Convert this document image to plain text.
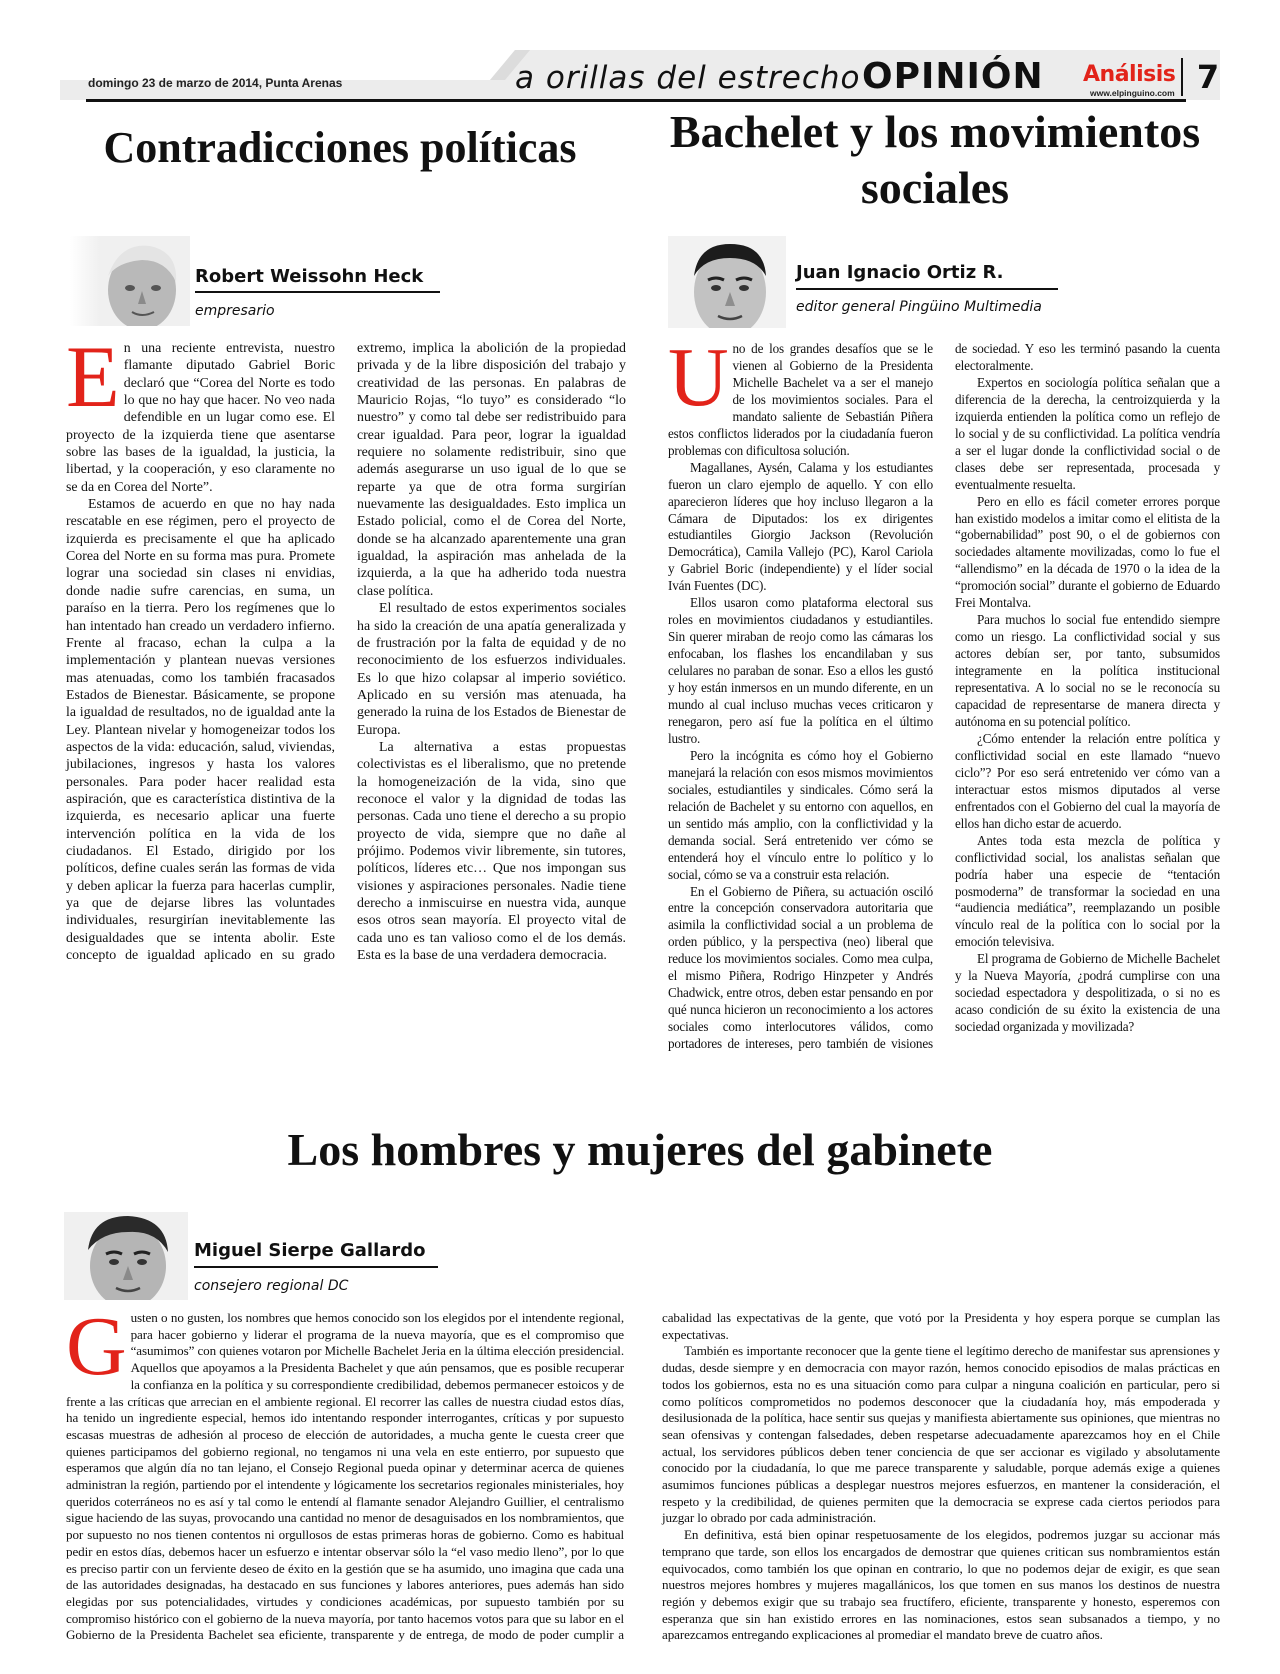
domingo 23 de marzo de 2014, Punta Arenas	a orillas del estrecho OPINIÓN Análisis
www.elpinguino.com 7
Contradicciones políticas
Robert Weissohn Heck
empresario

En una reciente entrevista, nuestro flamante diputado Gabriel Boric declaró que “Corea del Norte es todo lo que no hay que hacer. No veo nada defendible en un lugar como ese. El proyecto de la izquierda tiene que asentarse sobre las bases de la igualdad, la justicia, la libertad, y la cooperación, y eso claramente no se da en Corea del Norte”.

Estamos de acuerdo en que no hay nada rescatable en ese régimen, pero el proyecto de izquierda es precisamente el que ha aplicado Corea del Norte en su forma mas pura. Promete lograr una sociedad sin clases ni envidias, donde nadie sufre carencias, en suma, un paraíso en la tierra. Pero los regímenes que lo han intentado han creado un verdadero infierno. Frente al fracaso, echan la culpa a la implementación y plantean nuevas versiones mas atenuadas, como los también fracasados Estados de Bienestar. Básicamente, se propone la igualdad de resultados, no de igualdad ante la Ley. Plantean nivelar y homogeneizar todos los aspectos de la vida: educación, salud, viviendas, jubilaciones, ingresos y hasta los valores personales. Para poder hacer realidad esta aspiración, que es característica distintiva de la izquierda, es necesario aplicar una fuerte intervención política en la vida de los ciudadanos. El Estado, dirigido por los políticos, define cuales serán las formas de vida y deben aplicar la fuerza para hacerlas cumplir, ya que de dejarse libres las voluntades individuales, resurgirían inevitablemente las desigualdades que se intenta abolir. Este concepto de igualdad aplicado en su grado extremo, implica la abolición de la propiedad privada y de la libre disposición del trabajo y creatividad de las personas. En palabras de Mauricio Rojas, “lo tuyo” es considerado “lo nuestro” y como tal debe ser redistribuido para crear igualdad. Para peor, lograr la igualdad requiere no solamente redistribuir, sino que además asegurarse un uso igual de lo que se reparte ya que de otra forma surgirían nuevamente las desigualdades. Esto implica un Estado policial, como el de Corea del Norte, donde se ha alcanzado aparentemente una gran igualdad, la aspiración mas anhelada de la izquierda, a la que ha adherido toda nuestra clase política.

El resultado de estos experimentos sociales ha sido la creación de una apatía generalizada y de frustración por la falta de equidad y de no reconocimiento de los esfuerzos individuales. Es lo que hizo colapsar al imperio soviético. Aplicado en su versión mas atenuada, ha generado la ruina de los Estados de Bienestar de Europa.

La alternativa a estas propuestas colectivistas es el liberalismo, que no pretende la homogeneización de la vida, sino que reconoce el valor y la dignidad de todas las personas. Cada uno tiene el derecho a su propio proyecto de vida, siempre que no dañe al prójimo. Podemos vivir libremente, sin tutores, políticos, líderes etc… Que nos impongan sus visiones y aspiraciones personales. Nadie tiene derecho a inmiscuirse en nuestra vida, aunque esos otros sean mayoría. El proyecto vital de cada uno es tan valioso como el de los demás. Esta es la base de una verdadera democracia.

Bachelet y los movimientos sociales
Juan Ignacio Ortiz R.
editor general Pingüino Multimedia

Uno de los grandes desafíos que se le vienen al Gobierno de la Presidenta Michelle Bachelet va a ser el manejo de los movimientos sociales. Para el mandato saliente de Sebastián Piñera estos conflictos liderados por la ciudadanía fueron problemas con dificultosa solución.

Magallanes, Aysén, Calama y los estudiantes fueron un claro ejemplo de aquello. Y con ello aparecieron líderes que hoy incluso llegaron a la Cámara de Diputados: los ex dirigentes estudiantiles Giorgio Jackson (Revolución Democrática), Camila Vallejo (PC), Karol Cariola y Gabriel Boric (independiente) y el líder social Iván Fuentes (DC).

Ellos usaron como plataforma electoral sus roles en movimientos ciudadanos y estudiantiles. Sin querer miraban de reojo como las cámaras los enfocaban, los flashes los encandilaban y sus celulares no paraban de sonar. Eso a ellos les gustó y hoy están inmersos en un mundo diferente, en un mundo al cual incluso muchas veces criticaron y renegaron, pero así fue la política en el último lustro.

Pero la incógnita es cómo hoy el Gobierno manejará la relación con esos mismos movimientos sociales, estudiantiles y sindicales. Cómo será la relación de Bachelet y su entorno con aquellos, en un sentido más amplio, con la conflictividad y la demanda social. Será entretenido ver cómo se entenderá hoy el vínculo entre lo político y lo social, cómo se va a construir esta relación.

En el Gobierno de Piñera, su actuación osciló entre la concepción conservadora autoritaria que asimila la conflictividad social a un problema de orden público, y la perspectiva (neo) liberal que reduce los movimientos sociales. Como mea culpa, el mismo Piñera, Rodrigo Hinzpeter y Andrés Chadwick, entre otros, deben estar pensando en por qué nunca hicieron un reconocimiento a los actores sociales como interlocutores válidos, como portadores de intereses, pero también de visiones de sociedad. Y eso les terminó pasando la cuenta electoralmente.

Expertos en sociología política señalan que a diferencia de la derecha, la centroizquierda y la izquierda entienden la política como un reflejo de lo social y de su conflictividad. La política vendría a ser el lugar donde la conflictividad social o de clases debe ser representada, procesada y eventualmente resuelta.

Pero en ello es fácil cometer errores porque han existido modelos a imitar como el elitista de la “gobernabilidad” post 90, o el de gobiernos con sociedades altamente movilizadas, como lo fue el “allendismo” en la década de 1970 o la idea de la “promoción social” durante el gobierno de Eduardo Frei Montalva.

Para muchos lo social fue entendido siempre como un riesgo. La conflictividad social y sus actores debían ser, por tanto, subsumidos integramente en la política institucional representativa. A lo social no se le reconocía su capacidad de representarse de manera directa y autónoma en su potencial político.

¿Cómo entender la relación entre política y conflictividad social en este llamado “nuevo ciclo”? Por eso será entretenido ver cómo van a interactuar estos mismos diputados al verse enfrentados con el Gobierno del cual la mayoría de ellos han dicho estar de acuerdo.

Antes toda esta mezcla de política y conflictividad social, los analistas señalan que podría haber una especie de “tentación posmoderna” de transformar la sociedad en una “audiencia mediática”, reemplazando un posible vínculo real de la política con lo social por la emoción televisiva.

El programa de Gobierno de Michelle Bachelet y la Nueva Mayoría, ¿podrá cumplirse con una sociedad espectadora y despolitizada, o si no es acaso condición de su éxito la existencia de una sociedad organizada y movilizada?

Los hombres y mujeres del gabinete
Miguel Sierpe Gallardo
consejero regional DC

Gusten o no gusten, los nombres que hemos conocido son los elegidos por el intendente regional, para hacer gobierno y liderar el programa de la nueva mayoría, que es el compromiso que “asumimos” con quienes votaron por Michelle Bachelet Jeria en la última elección presidencial. Aquellos que apoyamos a la Presidenta Bachelet y que aún pensamos, que es posible recuperar la confianza en la política y su correspondiente credibilidad, debemos permanecer estoicos y de frente a las críticas que arrecian en el ambiente regional. El recorrer las calles de nuestra ciudad estos días, ha tenido un ingrediente especial, hemos ido intentando responder interrogantes, críticas y por supuesto escasas muestras de adhesión al proceso de elección de autoridades, a mucha gente le cuesta creer que quienes participamos del gobierno regional, no tengamos ni una vela en este entierro, por supuesto que esperamos que algún día no tan lejano, el Consejo Regional pueda opinar y determinar acerca de quienes administran la región, partiendo por el intendente y lógicamente los secretarios regionales ministeriales, hoy queridos coterráneos no es así y tal como le entendí al flamante senador Alejandro Guillier, el centralismo sigue haciendo de las suyas, provocando una cantidad no menor de desaguisados en los nombramientos, que por supuesto no nos tienen contentos ni orgullosos de estas primeras horas de gobierno. Como es habitual pedir en estos días, debemos hacer un esfuerzo e intentar observar sólo la “el vaso medio lleno”, por lo que es preciso partir con un ferviente deseo de éxito en la gestión que se ha asumido, uno imagina que cada una de las autoridades designadas, ha destacado en sus funciones y labores anteriores, pues además han sido elegidas por sus potencialidades, virtudes y condiciones académicas, por supuesto también por su compromiso histórico con el gobierno de la nueva mayoría, por tanto hacemos votos para que su labor en el Gobierno de la Presidenta Bachelet sea eficiente, transparente y de entrega, de modo de poder cumplir a cabalidad las expectativas de la gente, que votó por la Presidenta y hoy espera porque se cumplan las expectativas.

También es importante reconocer que la gente tiene el legítimo derecho de manifestar sus aprensiones y dudas, desde siempre y en democracia con mayor razón, hemos conocido episodios de malas prácticas en todos los gobiernos, esta no es una situación como para culpar a ninguna coalición en particular, pero si como políticos comprometidos no podemos desconocer que la ciudadanía hoy, más empoderada y desilusionada de la política, hace sentir sus quejas y manifiesta abiertamente sus opiniones, que mientras no sean ofensivas y contengan falsedades, deben respetarse adecuadamente aparezcamos hoy en el Chile actual, los servidores públicos deben tener conciencia de que ser accionar es vigilado y absolutamente conocido por la ciudadanía, lo que me parece transparente y saludable, porque además exige a quienes asumimos funciones públicas a desplegar nuestros mejores esfuerzos, en mantener la consideración, el respeto y la credibilidad, de quienes permiten que la democracia se exprese cada ciertos periodos para juzgar lo obrado por cada administración.

En definitiva, está bien opinar respetuosamente de los elegidos, podremos juzgar su accionar más temprano que tarde, son ellos los encargados de demostrar que quienes critican sus nombramientos están equivocados, como también los que opinan en contrario, lo que no podemos dejar de exigir, es que sean nuestros mejores hombres y mujeres magallánicos, los que tomen en sus manos los destinos de nuestra región y debemos exigir que su trabajo sea fructífero, eficiente, transparente y honesto, esperemos con esperanza que sin han existido errores en las nominaciones, estos sean subsanados a tiempo, y no aparezcamos entregando explicaciones al promediar el mandato breve de cuatro años.
